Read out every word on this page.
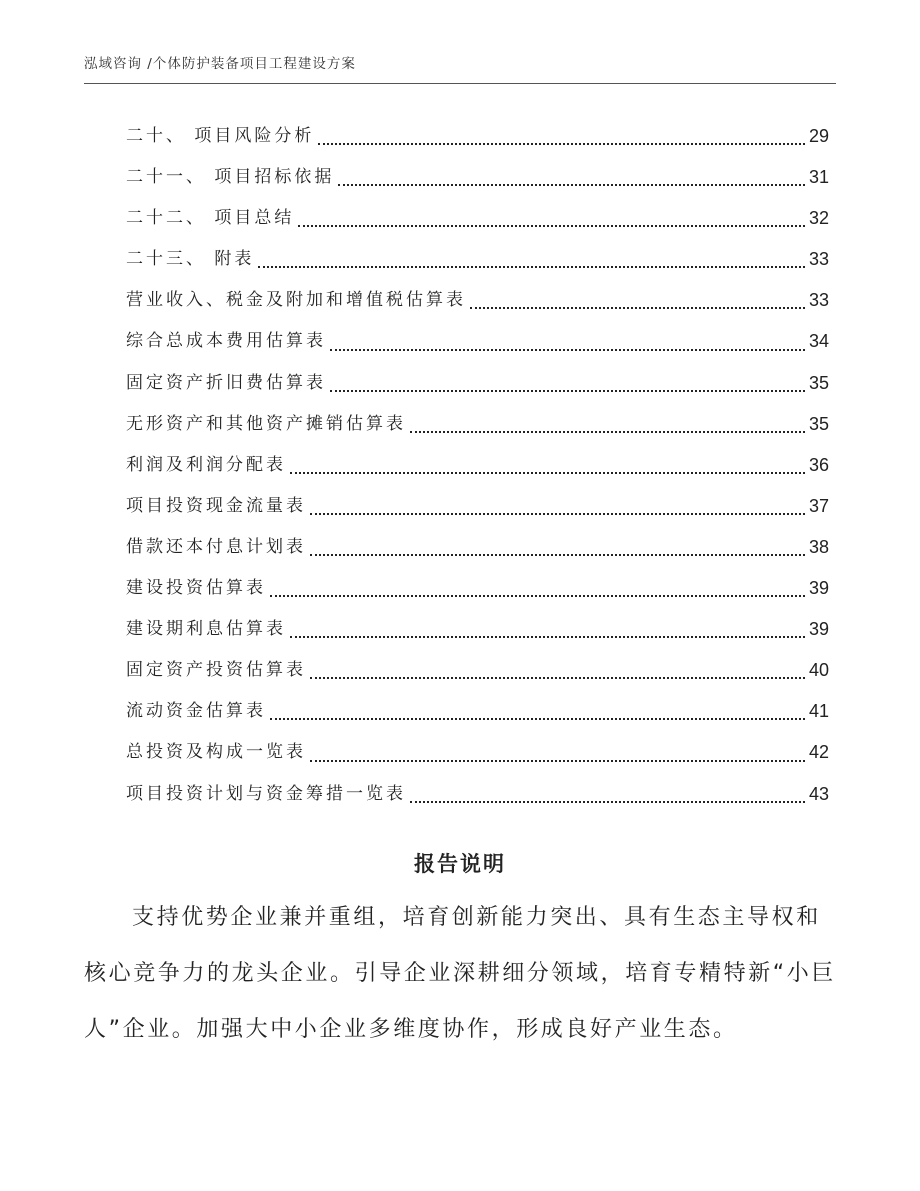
泓域咨询 /个体防护装备项目工程建设方案
二十、 项目风险分析	29
二十一、 项目招标依据	31
二十二、 项目总结	32
二十三、 附表	33
营业收入、税金及附加和增值税估算表	33
综合总成本费用估算表	34
固定资产折旧费估算表	35
无形资产和其他资产摊销估算表	35
利润及利润分配表	36
项目投资现金流量表	37
借款还本付息计划表	38
建设投资估算表	39
建设期利息估算表	39
固定资产投资估算表	40
流动资金估算表	41
总投资及构成一览表	42
项目投资计划与资金筹措一览表	43
报告说明

支持优势企业兼并重组，培育创新能力突出、具有生态主导权和核心竞争力的龙头企业。引导企业深耕细分领域，培育专精特新“小巨人”企业。加强大中小企业多维度协作，形成良好产业生态。
